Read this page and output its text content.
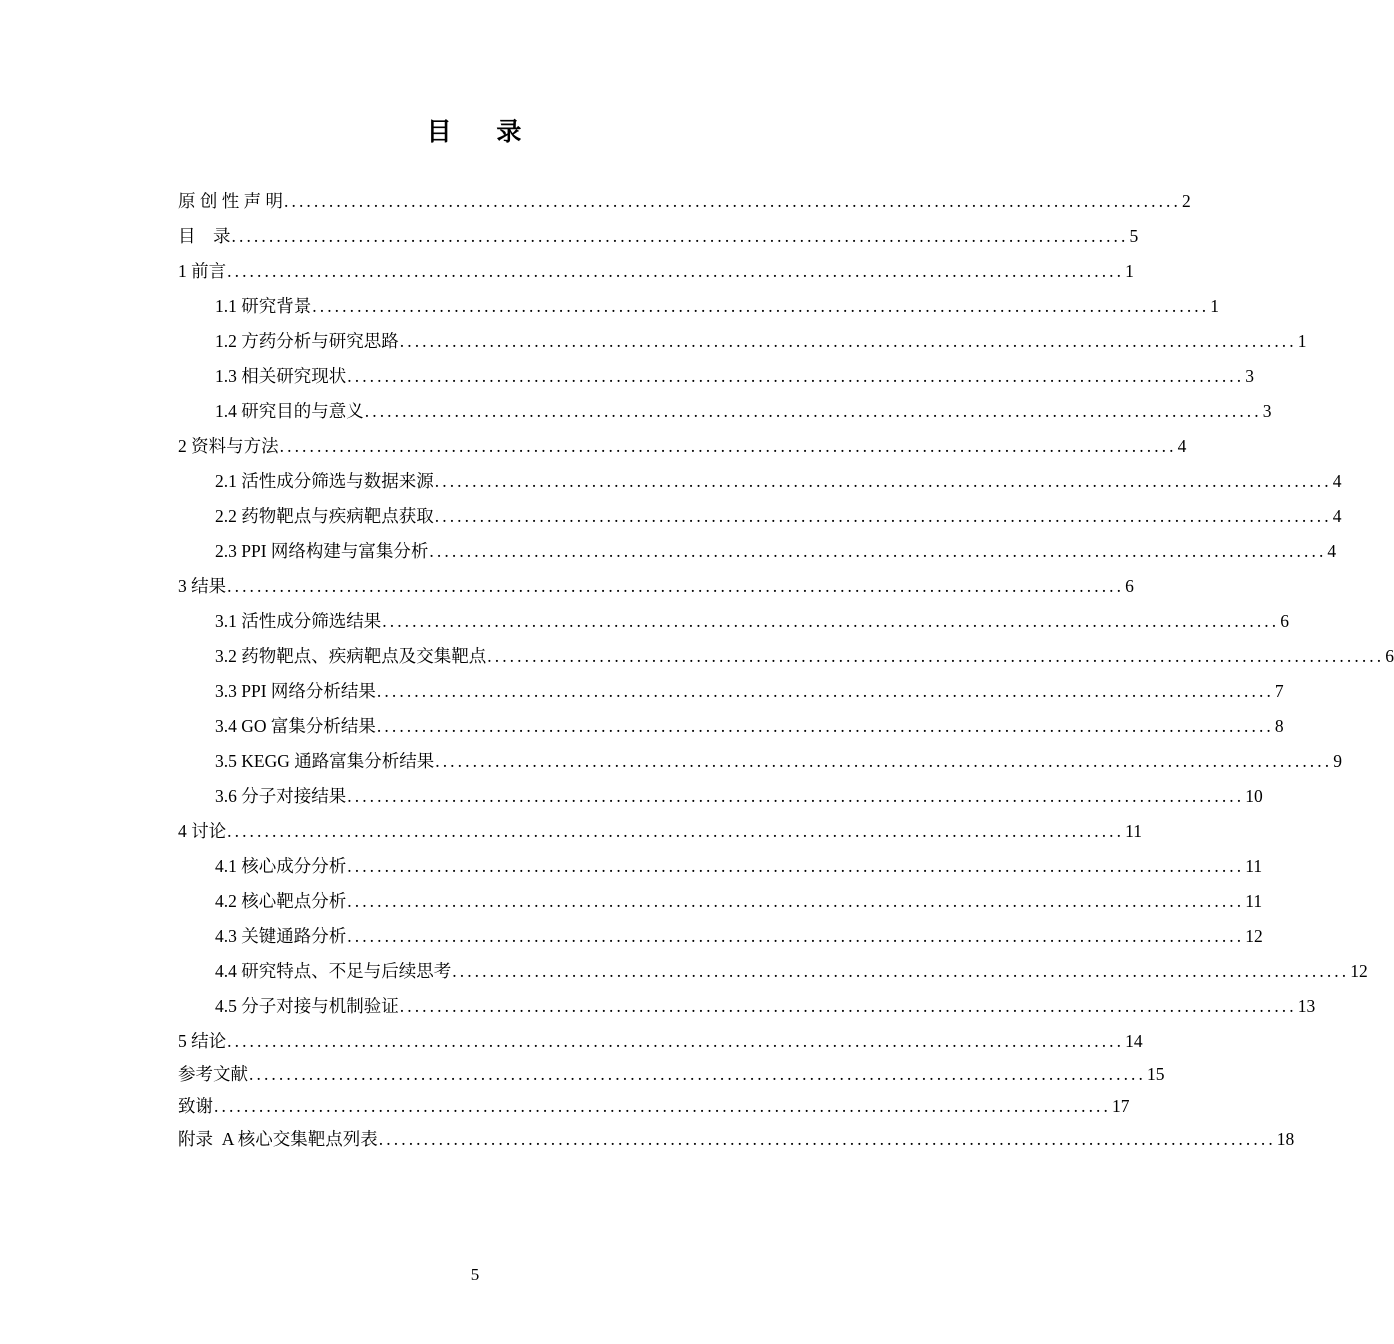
目    录
原 创 性 声 明 ........................................................................................................................ 2
目    录 ........................................................................................................................ 5
1 前言 ........................................................................................................................ 1
1.1 研究背景 ........................................................................................................................ 1
1.2 方药分析与研究思路 ........................................................................................................................ 1
1.3 相关研究现状 ........................................................................................................................ 3
1.4 研究目的与意义 ........................................................................................................................ 3
2 资料与方法 ........................................................................................................................ 4
2.1 活性成分筛选与数据来源 ........................................................................................................................ 4
2.2 药物靶点与疾病靶点获取 ........................................................................................................................ 4
2.3 PPI 网络构建与富集分析 ........................................................................................................................ 4
3 结果 ........................................................................................................................ 6
3.1 活性成分筛选结果 ........................................................................................................................ 6
3.2 药物靶点、疾病靶点及交集靶点 ........................................................................................................................ 6
3.3 PPI 网络分析结果 ........................................................................................................................ 7
3.4 GO 富集分析结果 ........................................................................................................................ 8
3.5 KEGG 通路富集分析结果 ........................................................................................................................ 9
3.6 分子对接结果 ........................................................................................................................ 10
4 讨论 ........................................................................................................................ 11
4.1 核心成分分析 ........................................................................................................................ 11
4.2 核心靶点分析 ........................................................................................................................ 11
4.3 关键通路分析 ........................................................................................................................ 12
4.4 研究特点、不足与后续思考 ........................................................................................................................ 12
4.5 分子对接与机制验证 ........................................................................................................................ 13
5 结论 ........................................................................................................................ 14
参考文献 ........................................................................................................................ 15
致谢 ........................................................................................................................ 17
附录  A 核心交集靶点列表 ........................................................................................................................ 18
5
